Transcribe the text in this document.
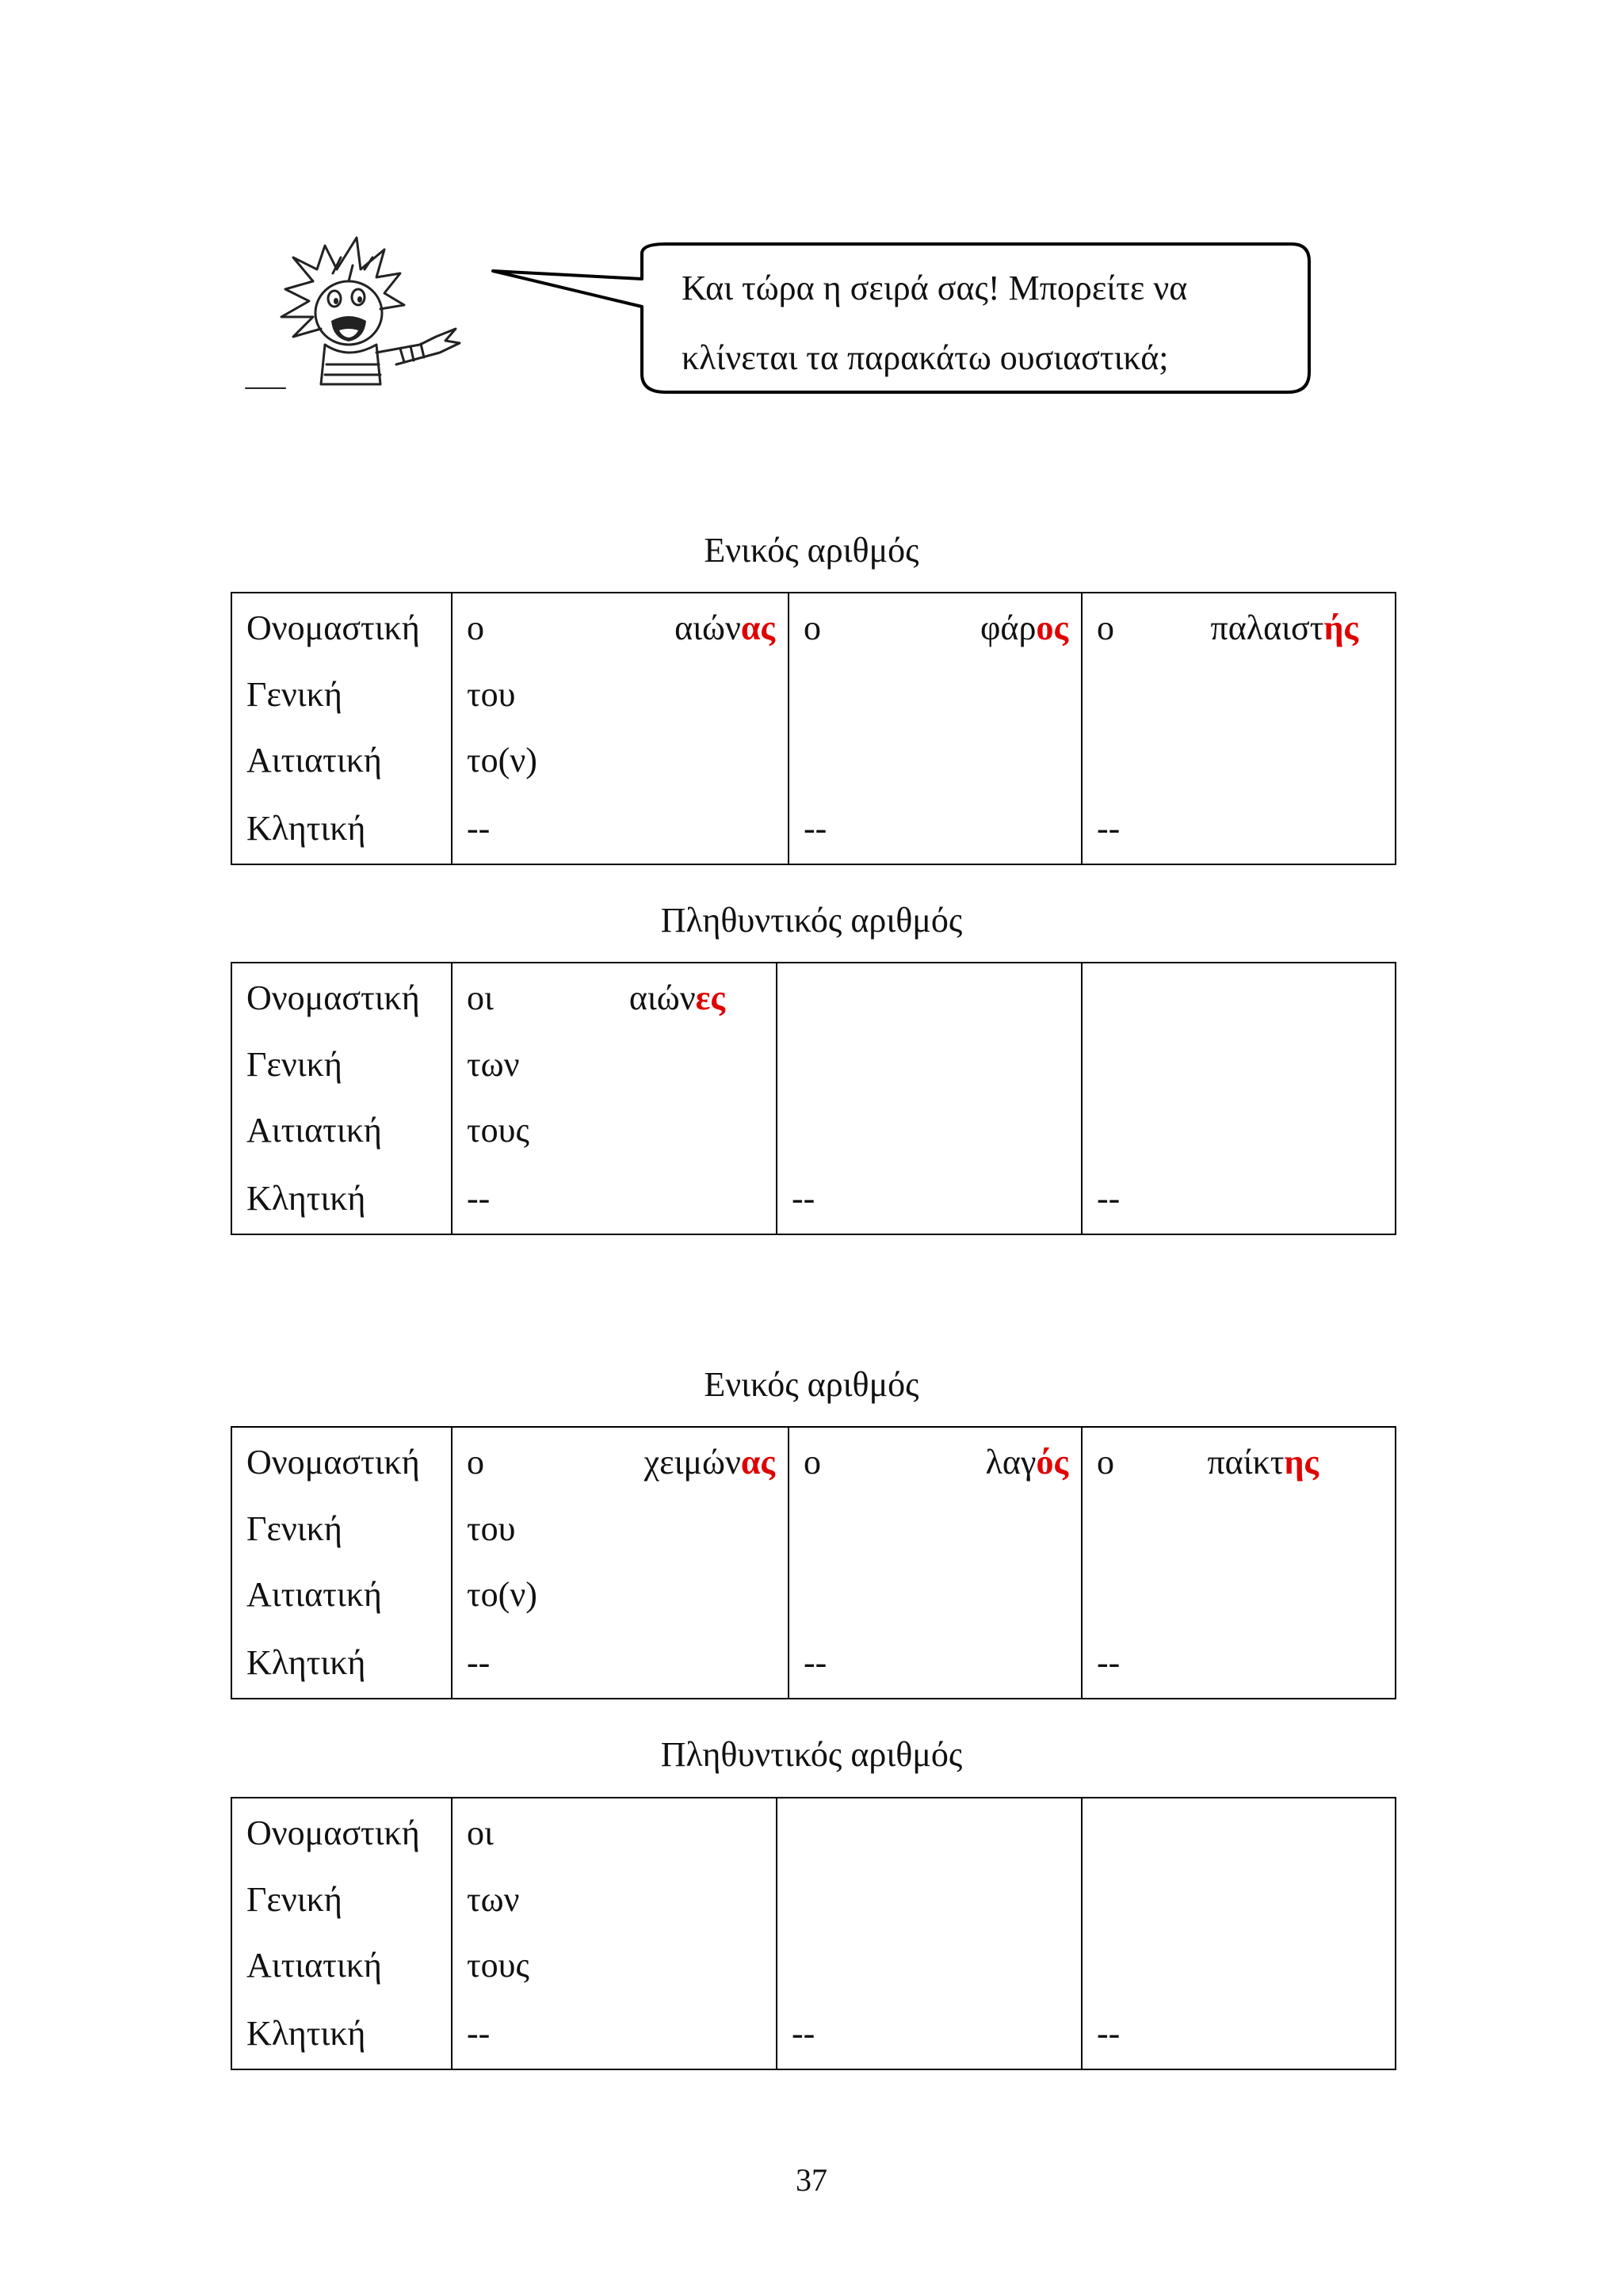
Και τώρα η σειρά σας! Μπορείτε να
κλίνεται τα παρακάτω ουσιαστικά;
Ενικός αριθμός
Ονομαστική	ο αιώνας	ο φάρος	ο παλαιστής

Γενική	του		
Αιτιατική	το(ν)		
Κλητική	--	--	--
Πληθυντικός αριθμός
Ονομαστική	οι αιώνες		

Γενική	των		
Αιτιατική	τους		
Κλητική	--	--	--
Ενικός αριθμός
Ονομαστική	ο χειμώνας	ο λαγός	ο παίκτης

Γενική	του		
Αιτιατική	το(ν)		
Κλητική	--	--	--
Πληθυντικός αριθμός
Ονομαστική	οι		
Γενική	των		
Αιτιατική	τους		
Κλητική	--	--	--
37
